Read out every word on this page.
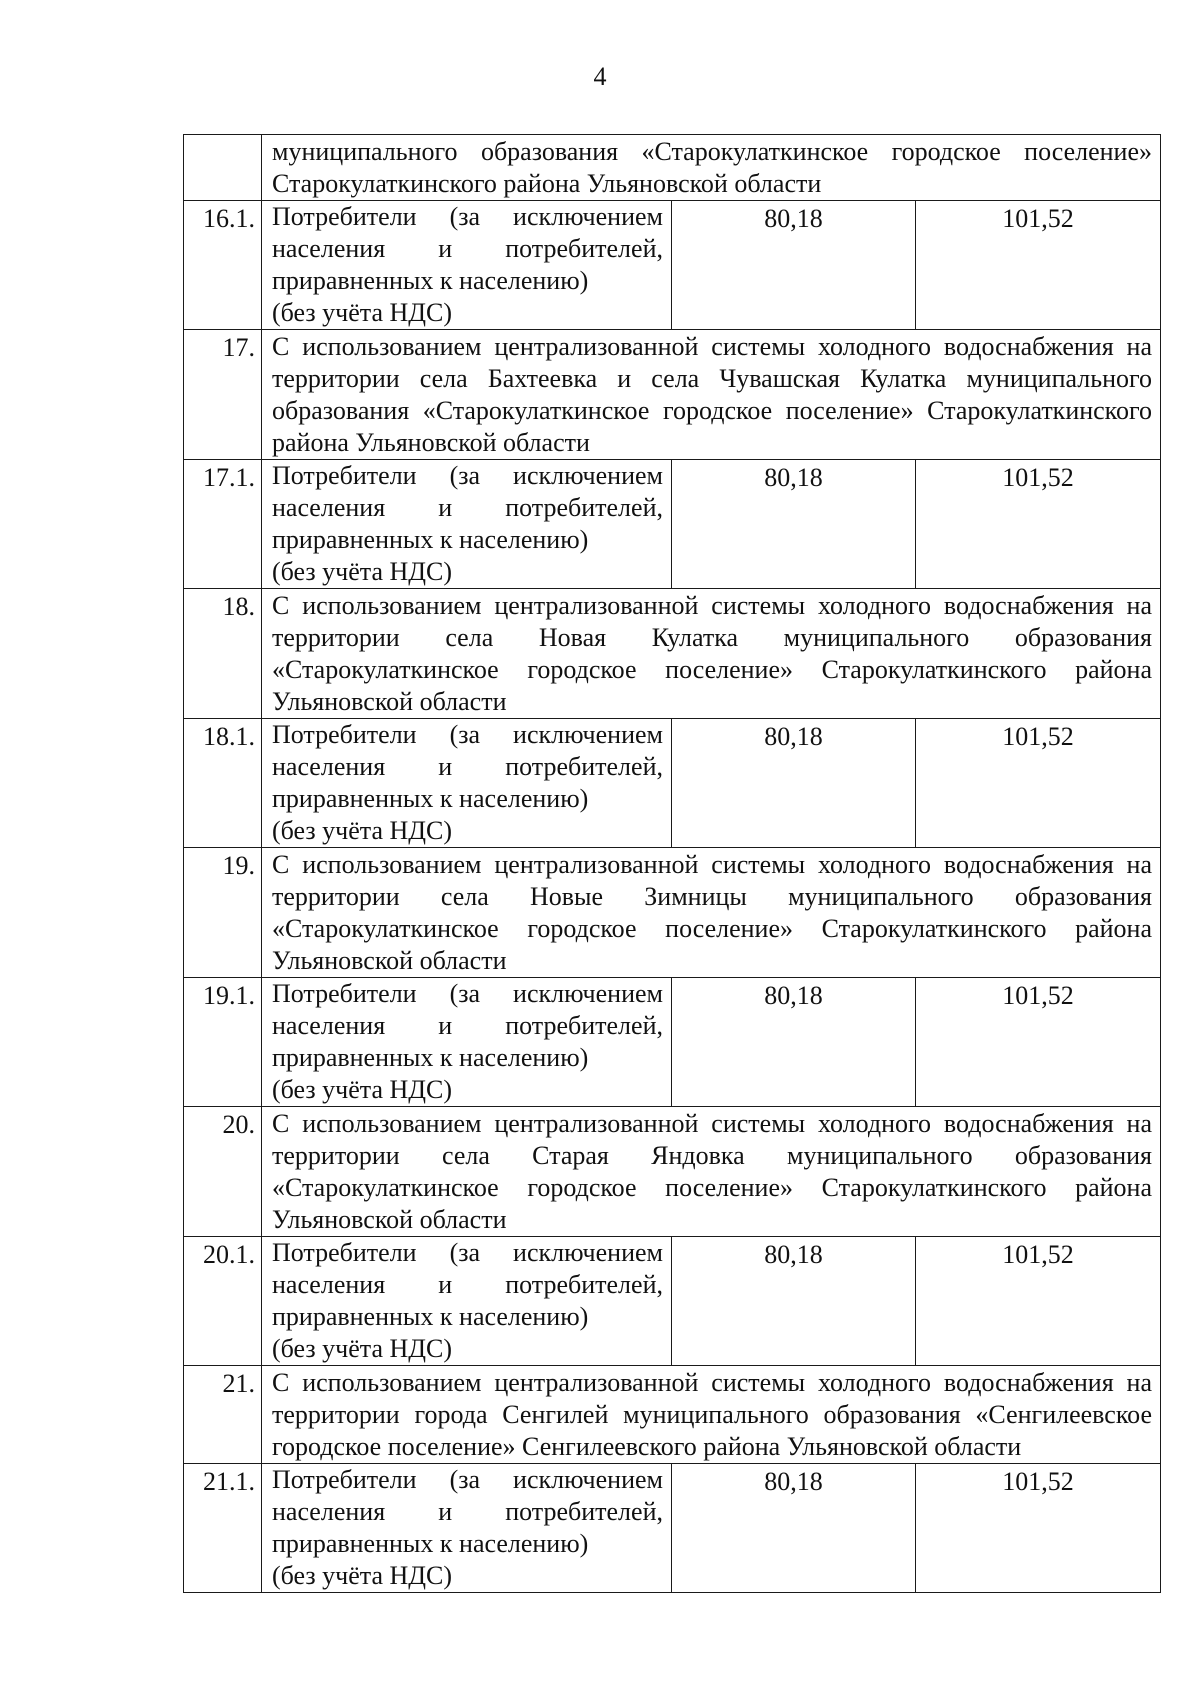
4

	муниципального образования «Старокулаткинское городское поселение» Старокулаткинского района Ульяновской области		

16.1.	Потребители (за исключением
населения и потребителей,
приравненных к населению)
(без учёта НДС)	80,18	101,52
17.	С использованием централизованной системы холодного водоснабжения на территории села Бахтеевка и села Чувашская Кулатка муниципального образования «Старокулаткинское городское поселение» Старокулаткинского района Ульяновской области		

17.1.	Потребители (за исключением
населения и потребителей,
приравненных к населению)
(без учёта НДС)	80,18	101,52
18.	С использованием централизованной системы холодного водоснабжения на территории села Новая Кулатка муниципального образования «Старокулаткинское городское поселение» Старокулаткинского района Ульяновской области		

18.1.	Потребители (за исключением
населения и потребителей,
приравненных к населению)
(без учёта НДС)	80,18	101,52
19.	С использованием централизованной системы холодного водоснабжения на территории села Новые Зимницы муниципального образования «Старокулаткинское городское поселение» Старокулаткинского района Ульяновской области		

19.1.	Потребители (за исключением
населения и потребителей,
приравненных к населению)
(без учёта НДС)	80,18	101,52
20.	С использованием централизованной системы холодного водоснабжения на территории села Старая Яндовка муниципального образования «Старокулаткинское городское поселение» Старокулаткинского района Ульяновской области		

20.1.	Потребители (за исключением
населения и потребителей,
приравненных к населению)
(без учёта НДС)	80,18	101,52
21.	С использованием централизованной системы холодного водоснабжения на территории города Сенгилей муниципального образования «Сенгилеевское городское поселение» Сенгилеевского района Ульяновской области		

21.1.	Потребители (за исключением
населения и потребителей,
приравненных к населению)
(без учёта НДС)	80,18	101,52
